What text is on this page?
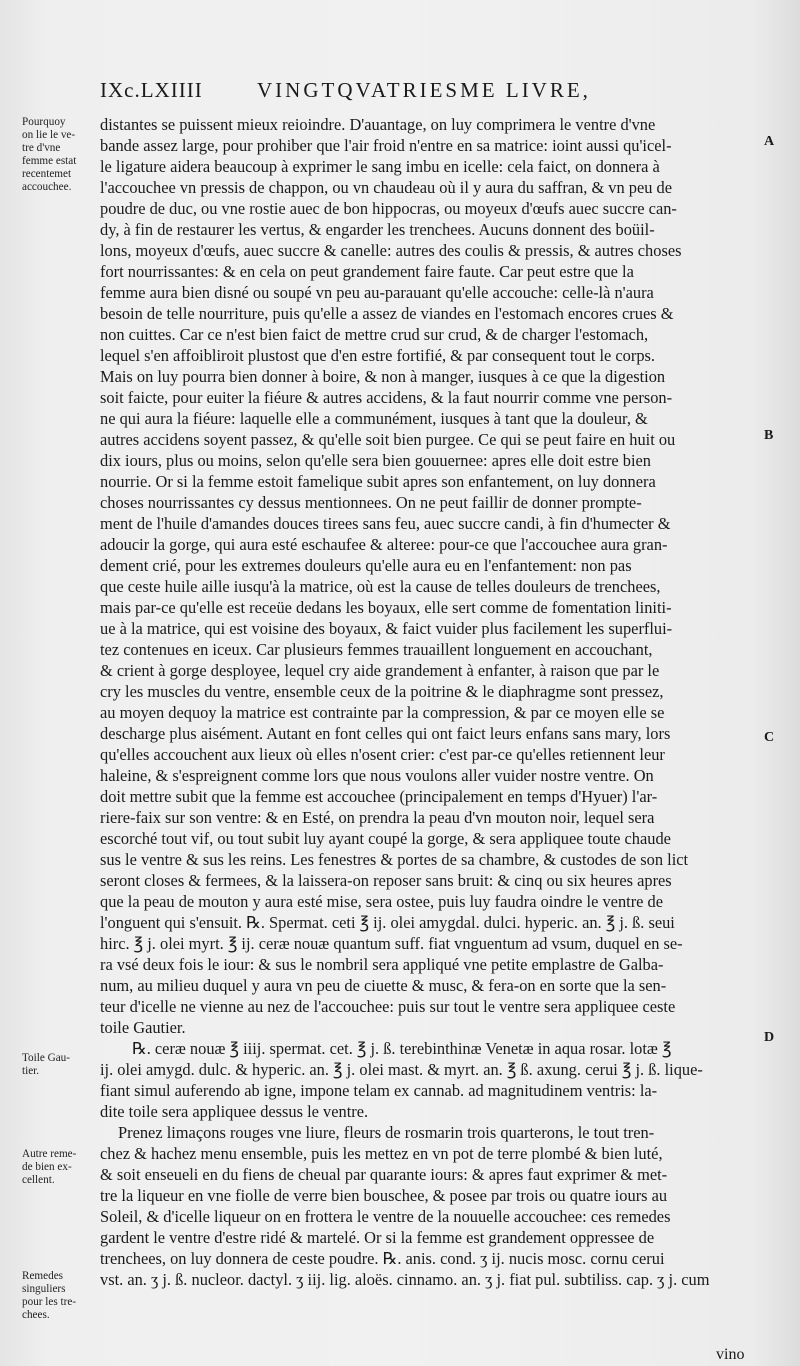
IXc.LXIIII	VINGTQVATRIESME LIVRE,
Pourquoy
on lie le ve-
tre d'vne
femme estat
recentemet
accouchee.
Toile Gau-
tier.
Autre reme-
de bien ex-
cellent.
Remedes
singuliers
pour les tre-
chees.
A
B
C
D
distantes se puissent mieux reioindre. D'auantage, on luy comprimera le ventre d'vne
bande assez large, pour prohiber que l'air froid n'entre en sa matrice: ioint aussi qu'icel-
le ligature aidera beaucoup à exprimer le sang imbu en icelle: cela faict, on donnera à
l'accouchee vn pressis de chappon, ou vn chaudeau où il y aura du saffran, & vn peu de
poudre de duc, ou vne rostie auec de bon hippocras, ou moyeux d'œufs auec succre can-
dy, à fin de restaurer les vertus, & engarder les trenchees. Aucuns donnent des boüil-
lons, moyeux d'œufs, auec succre & canelle: autres des coulis & pressis, & autres choses
fort nourrissantes: & en cela on peut grandement faire faute. Car peut estre que la
femme aura bien disné ou soupé vn peu au-parauant qu'elle accouche: celle-là n'aura
besoin de telle nourriture, puis qu'elle a assez de viandes en l'estomach encores crues &
non cuittes. Car ce n'est bien faict de mettre crud sur crud, & de charger l'estomach,
lequel s'en affoibliroit plustost que d'en estre fortifié, & par consequent tout le corps.
Mais on luy pourra bien donner à boire, & non à manger, iusques à ce que la digestion
soit faicte, pour euiter la fiéure & autres accidens, & la faut nourrir comme vne person-
ne qui aura la fiéure: laquelle elle a communément, iusques à tant que la douleur, &
autres accidens soyent passez, & qu'elle soit bien purgee. Ce qui se peut faire en huit ou
dix iours, plus ou moins, selon qu'elle sera bien gouuernee: apres elle doit estre bien
nourrie. Or si la femme estoit famelique subit apres son enfantement, on luy donnera
choses nourrissantes cy dessus mentionnees. On ne peut faillir de donner prompte-
ment de l'huile d'amandes douces tirees sans feu, auec succre candi, à fin d'humecter &
adoucir la gorge, qui aura esté eschaufee & alteree: pour-ce que l'accouchee aura gran-
dement crié, pour les extremes douleurs qu'elle aura eu en l'enfantement: non pas
que ceste huile aille iusqu'à la matrice, où est la cause de telles douleurs de trenchees,
mais par-ce qu'elle est receüe dedans les boyaux, elle sert comme de fomentation liniti-
ue à la matrice, qui est voisine des boyaux, & faict vuider plus facilement les superflui-
tez contenues en iceux. Car plusieurs femmes trauaillent longuement en accouchant,
& crient à gorge desployee, lequel cry aide grandement à enfanter, à raison que par le
cry les muscles du ventre, ensemble ceux de la poitrine & le diaphragme sont pressez,
au moyen dequoy la matrice est contrainte par la compression, & par ce moyen elle se
descharge plus aisément. Autant en font celles qui ont faict leurs enfans sans mary, lors
qu'elles accouchent aux lieux où elles n'osent crier: c'est par-ce qu'elles retiennent leur
haleine, & s'espreignent comme lors que nous voulons aller vuider nostre ventre. On
doit mettre subit que la femme est accouchee (principalement en temps d'Hyuer) l'ar-
riere-faix sur son ventre: & en Esté, on prendra la peau d'vn mouton noir, lequel sera
escorché tout vif, ou tout subit luy ayant coupé la gorge, & sera appliquee toute chaude
sus le ventre & sus les reins. Les fenestres & portes de sa chambre, & custodes de son lict
seront closes & fermees, & la laissera-on reposer sans bruit: & cinq ou six heures apres
que la peau de mouton y aura esté mise, sera ostee, puis luy faudra oindre le ventre de
l'onguent qui s'ensuit. ℞. Spermat. ceti ℥ ij. olei amygdal. dulci. hyperic. an. ℥ j. ß. seui
hirc. ℥ j. olei myrt. ℥ ij. ceræ nouæ quantum suff. fiat vnguentum ad vsum, duquel en se-
ra vsé deux fois le iour: & sus le nombril sera appliqué vne petite emplastre de Galba-
num, au milieu duquel y aura vn peu de ciuette & musc, & fera-on en sorte que la sen-
teur d'icelle ne vienne au nez de l'accouchee: puis sur tout le ventre sera appliquee ceste
toile Gautier.
℞. ceræ nouæ ℥ iiij. spermat. cet. ℥ j. ß. terebinthinæ Venetæ in aqua rosar. lotæ ℥
ij. olei amygd. dulc. & hyperic. an. ℥ j. olei mast. & myrt. an. ℥ ß. axung. cerui ℥ j. ß. lique-
fiant simul auferendo ab igne, impone telam ex cannab. ad magnitudinem ventris: la-
dite toile sera appliquee dessus le ventre.
Prenez limaçons rouges vne liure, fleurs de rosmarin trois quarterons, le tout tren-
chez & hachez menu ensemble, puis les mettez en vn pot de terre plombé & bien luté,
& soit enseueli en du fiens de cheual par quarante iours: & apres faut exprimer & met-
tre la liqueur en vne fiolle de verre bien bouschee, & posee par trois ou quatre iours au
Soleil, & d'icelle liqueur on en frottera le ventre de la nouuelle accouchee: ces remedes
gardent le ventre d'estre ridé & martelé. Or si la femme est grandement oppressee de
trenchees, on luy donnera de ceste poudre. ℞. anis. cond. ʒ ij. nucis mosc. cornu cerui
vst. an. ʒ j. ß. nucleor. dactyl. ʒ iij. lig. aloës. cinnamo. an. ʒ j. fiat pul. subtiliss. cap. ʒ j. cum
vino
